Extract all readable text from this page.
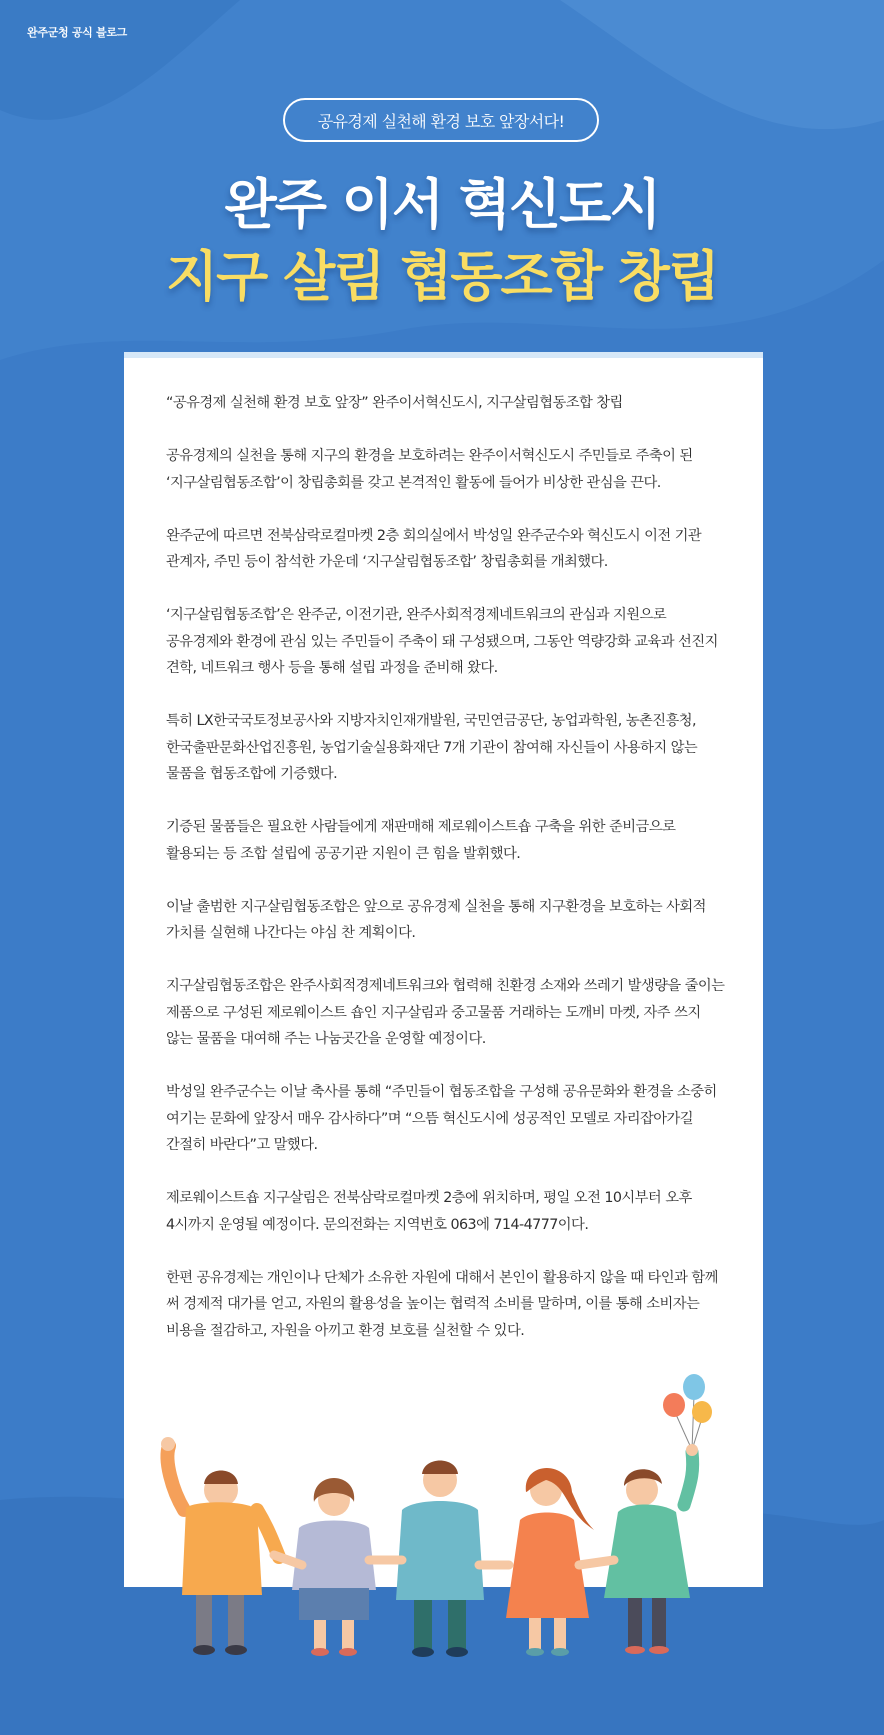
완주군청 공식 블로그
공유경제 실천해 환경 보호 앞장서다!
완주 이서 혁신도시
지구 살림 협동조합 창립

“공유경제 실천해 환경 보호 앞장” 완주이서혁신도시, 지구살림협동조합 창립

공유경제의 실천을 통해 지구의 환경을 보호하려는 완주이서혁신도시 주민들로 주축이 된 ‘지구살림협동조합’이 창립총회를 갖고 본격적인 활동에 들어가 비상한 관심을 끈다.

완주군에 따르면 전북삼락로컬마켓 2층 회의실에서 박성일 완주군수와 혁신도시 이전 기관 관계자, 주민 등이 참석한 가운데 ‘지구살림협동조합’ 창립총회를 개최했다.

‘지구살림협동조합’은 완주군, 이전기관, 완주사회적경제네트워크의 관심과 지원으로 공유경제와 환경에 관심 있는 주민들이 주축이 돼 구성됐으며, 그동안 역량강화 교육과 선진지 견학, 네트워크 행사 등을 통해 설립 과정을 준비해 왔다.

특히 LX한국국토정보공사와 지방자치인재개발원, 국민연금공단, 농업과학원, 농촌진흥청, 한국출판문화산업진흥원, 농업기술실용화재단 7개 기관이 참여해 자신들이 사용하지 않는 물품을 협동조합에 기증했다.

기증된 물품들은 필요한 사람들에게 재판매해 제로웨이스트숍 구축을 위한 준비금으로 활용되는 등 조합 설립에 공공기관 지원이 큰 힘을 발휘했다.

이날 출범한 지구살림협동조합은 앞으로 공유경제 실천을 통해 지구환경을 보호하는 사회적 가치를 실현해 나간다는 야심 찬 계획이다.

지구살림협동조합은 완주사회적경제네트워크와 협력해 친환경 소재와 쓰레기 발생량을 줄이는 제품으로 구성된 제로웨이스트 숍인 지구살림과 중고물품 거래하는 도깨비 마켓, 자주 쓰지 않는 물품을 대여해 주는 나눔곳간을 운영할 예정이다.

박성일 완주군수는 이날 축사를 통해 “주민들이 협동조합을 구성해 공유문화와 환경을 소중히 여기는 문화에 앞장서 매우 감사하다”며 “으뜸 혁신도시에 성공적인 모델로 자리잡아가길 간절히 바란다”고 말했다.

제로웨이스트숍 지구살림은 전북삼락로컬마켓 2층에 위치하며, 평일 오전 10시부터 오후 4시까지 운영될 예정이다. 문의전화는 지역번호 063에 714-4777이다.

한편 공유경제는 개인이나 단체가 소유한 자원에 대해서 본인이 활용하지 않을 때 타인과 함께 써 경제적 대가를 얻고, 자원의 활용성을 높이는 협력적 소비를 말하며, 이를 통해 소비자는 비용을 절감하고, 자원을 아끼고 환경 보호를 실천할 수 있다.
